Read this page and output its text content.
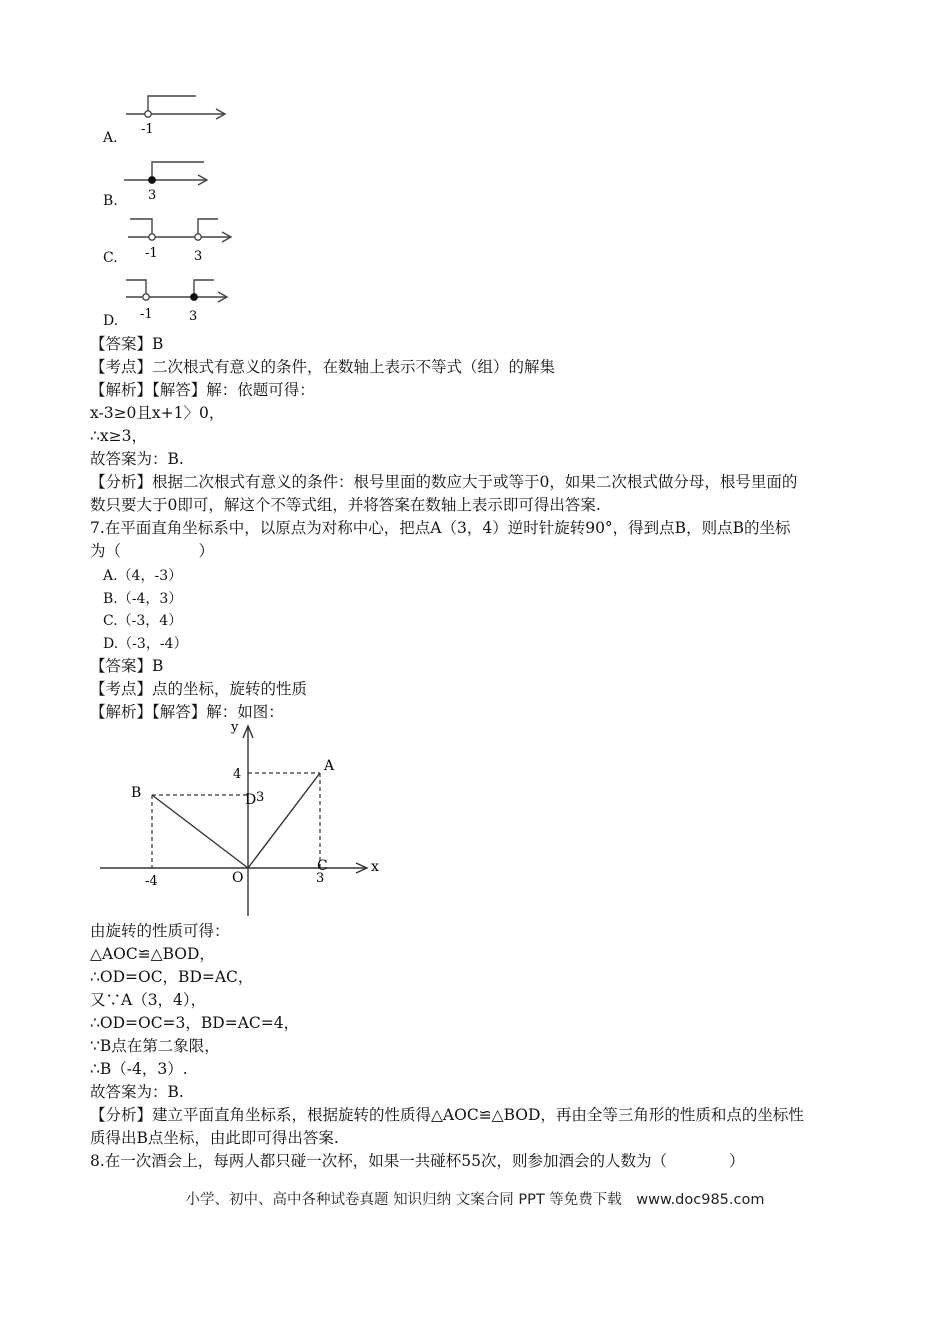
-1
A.
3
B.
-1	3
C.
-1	3
D.
【答案】B
【考点】二次根式有意义的条件，在数轴上表示不等式（组）的解集
【解析】【解答】解：依题可得：
x-3≥0且x+1〉0，
∴x≥3，
故答案为：B.
【分析】根据二次根式有意义的条件：根号里面的数应大于或等于0，如果二次根式做分母，根号里面的
数只要大于0即可，解这个不等式组，并将答案在数轴上表示即可得出答案.
7.在平面直角坐标系中，以原点为对称中心，把点A（3，4）逆时针旋转90°，得到点B，则点B的坐标
为（　　　　　）
A.（4，-3）
B.（-4，3）
C.（-3，4）
D.（-3，-4）
【答案】B
【考点】点的坐标，旋转的性质
【解析】【解答】解：如图：
y
x
A
B
C
D
O
4
3
-4	3
由旋转的性质可得：
△AOC≌△BOD，
∴OD=OC，BD=AC，
又∵A（3，4），
∴OD=OC=3，BD=AC=4，
∵B点在第二象限，
∴B（-4，3）.
故答案为：B.
【分析】建立平面直角坐标系，根据旋转的性质得△AOC≌△BOD，再由全等三角形的性质和点的坐标性
质得出B点坐标，由此即可得出答案.
8.在一次酒会上，每两人都只碰一次杯，如果一共碰杯55次，则参加酒会的人数为（　　　　）
小学、初中、高中各种试卷真题 知识归纳 文案合同 PPT 等免费下载　www.doc985.com
